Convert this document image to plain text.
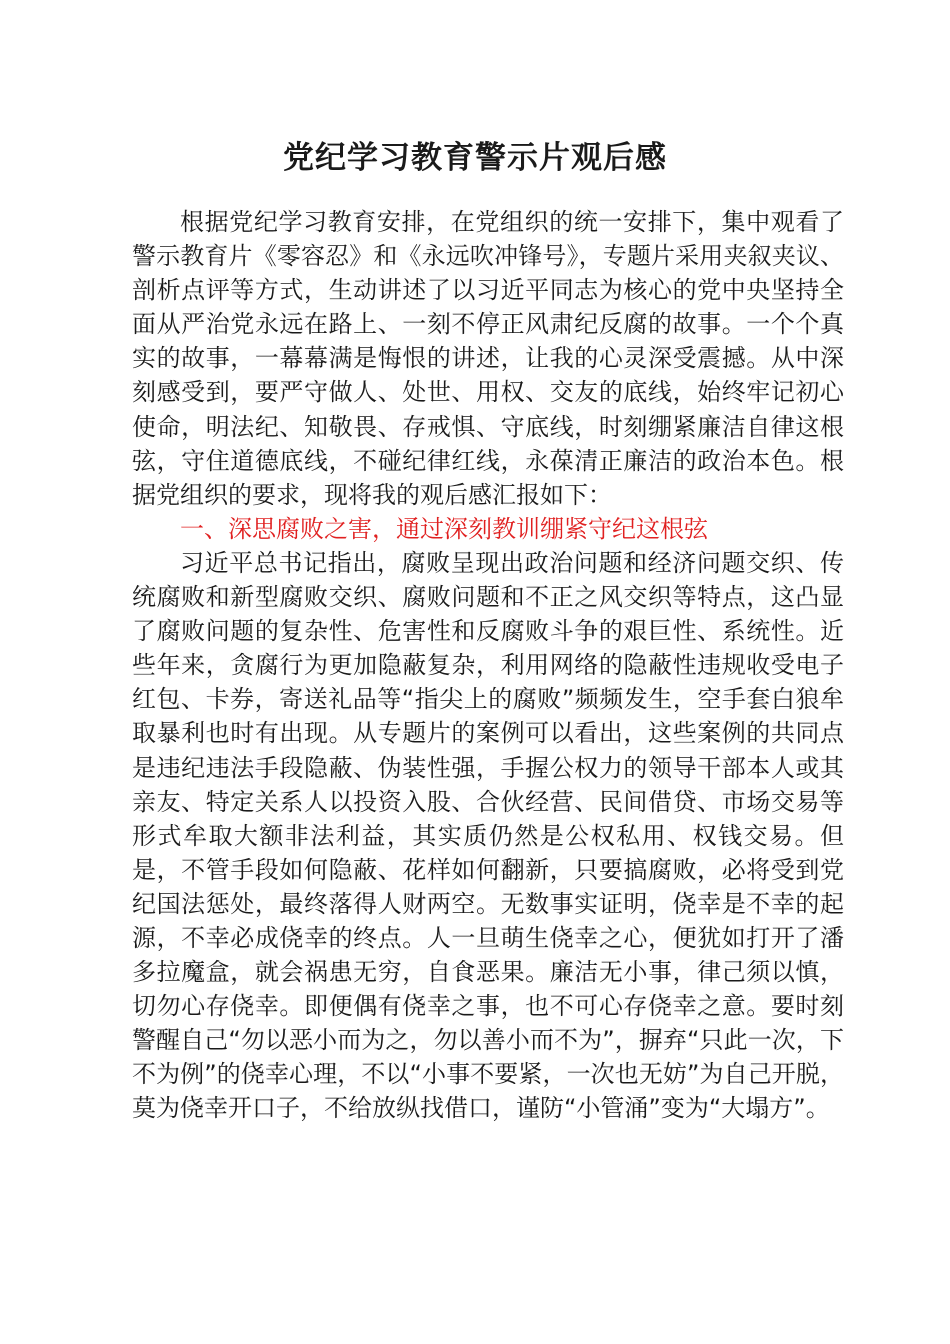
党纪学习教育警示片观后感

根据党纪学习教育安排，在党组织的统一安排下，集中观看了警示教育片《零容忍》和《永远吹冲锋号》，专题片采用夹叙夹议、剖析点评等方式，生动讲述了以习近平同志为核心的党中央坚持全面从严治党永远在路上、一刻不停正风肃纪反腐的故事。一个个真实的故事，一幕幕满是悔恨的讲述，让我的心灵深受震撼。从中深刻感受到，要严守做人、处世、用权、交友的底线，始终牢记初心使命，明法纪、知敬畏、存戒惧、守底线，时刻绷紧廉洁自律这根弦，守住道德底线，不碰纪律红线，永葆清正廉洁的政治本色。根据党组织的要求，现将我的观后感汇报如下：

一、深思腐败之害，通过深刻教训绷紧守纪这根弦

习近平总书记指出，腐败呈现出政治问题和经济问题交织、传统腐败和新型腐败交织、腐败问题和不正之风交织等特点，这凸显了腐败问题的复杂性、危害性和反腐败斗争的艰巨性、系统性。近些年来，贪腐行为更加隐蔽复杂，利用网络的隐蔽性违规收受电子红包、卡券，寄送礼品等“指尖上的腐败”频频发生，空手套白狼牟取暴利也时有出现。从专题片的案例可以看出，这些案例的共同点是违纪违法手段隐蔽、伪装性强，手握公权力的领导干部本人或其亲友、特定关系人以投资入股、合伙经营、民间借贷、市场交易等形式牟取大额非法利益，其实质仍然是公权私用、权钱交易。但是，不管手段如何隐蔽、花样如何翻新，只要搞腐败，必将受到党纪国法惩处，最终落得人财两空。无数事实证明，侥幸是不幸的起源，不幸必成侥幸的终点。人一旦萌生侥幸之心，便犹如打开了潘多拉魔盒，就会祸患无穷，自食恶果。廉洁无小事，律己须以慎，切勿心存侥幸。即便偶有侥幸之事，也不可心存侥幸之意。要时刻警醒自己“勿以恶小而为之，勿以善小而不为”，摒弃“只此一次，下不为例”的侥幸心理，不以“小事不要紧，一次也无妨”为自己开脱，莫为侥幸开口子，不给放纵找借口，谨防“小管涌”变为“大塌方”。
